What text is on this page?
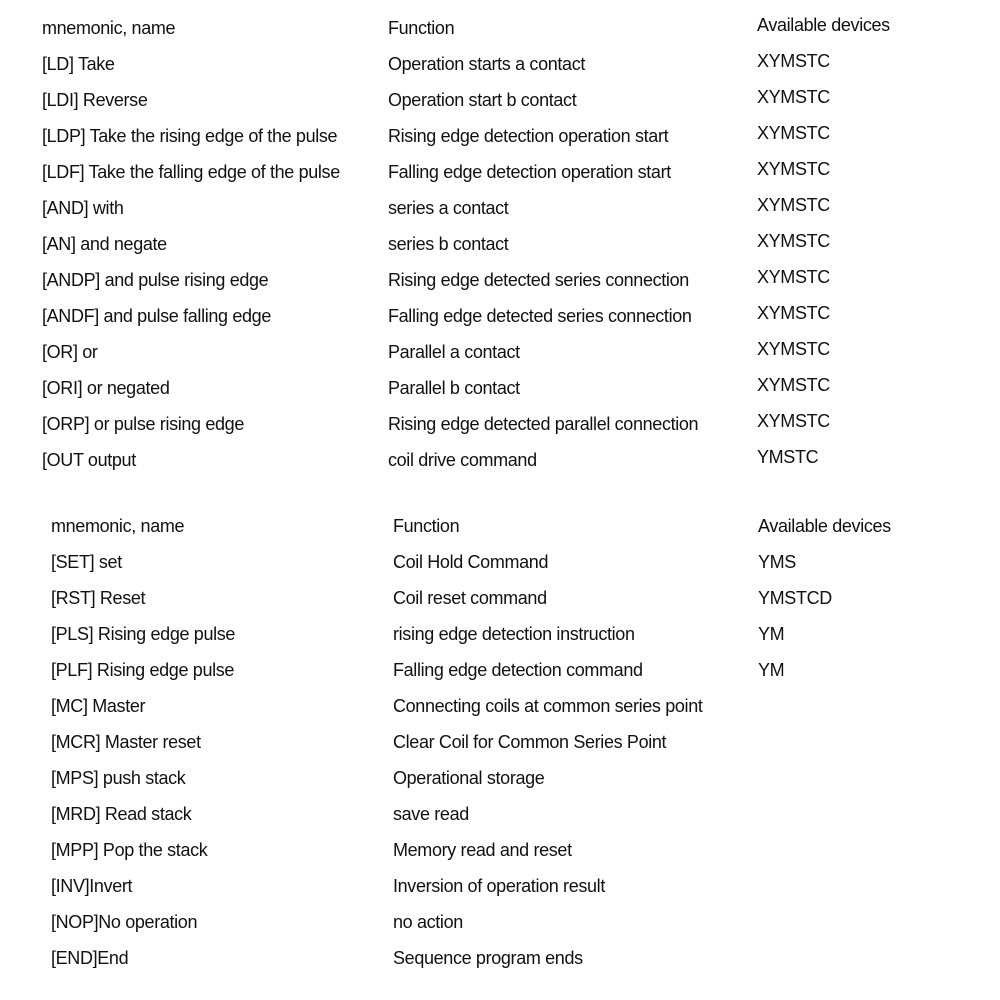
mnemonic, name	Function	Available devices
[LD] Take	Operation starts a contact	XYMSTC
[LDI] Reverse	Operation start b contact	XYMSTC
[LDP] Take the rising edge of the pulse	Rising edge detection operation start	XYMSTC
[LDF] Take the falling edge of the pulse	Falling edge detection operation start	XYMSTC
[AND] with	series a contact	XYMSTC
[AN] and negate	series b contact	XYMSTC
[ANDP] and pulse rising edge	Rising edge detected series connection	XYMSTC
[ANDF] and pulse falling edge	Falling edge detected series connection	XYMSTC
[OR] or	Parallel a contact	XYMSTC
[ORI] or negated	Parallel b contact	XYMSTC
[ORP] or pulse rising edge	Rising edge detected parallel connection	XYMSTC
[OUT output	coil drive command	YMSTC
mnemonic, name	Function	Available devices
[SET] set	Coil Hold Command	YMS
[RST] Reset	Coil reset command	YMSTCD
[PLS] Rising edge pulse	rising edge detection instruction	YM
[PLF] Rising edge pulse	Falling edge detection command	YM
[MC] Master	Connecting coils at common series point
[MCR] Master reset	Clear Coil for Common Series Point
[MPS] push stack	Operational storage
[MRD] Read stack	save read
[MPP] Pop the stack	Memory read and reset
[INV]Invert	Inversion of operation result
[NOP]No operation	no action
[END]End	Sequence program ends
